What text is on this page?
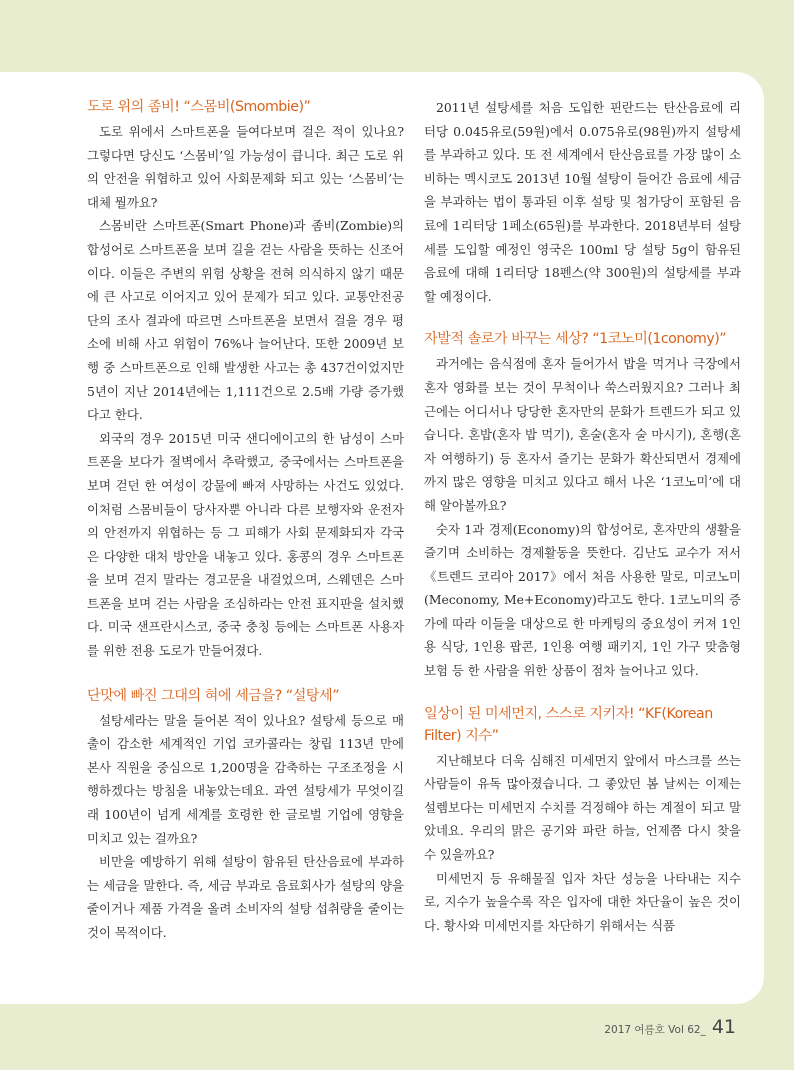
도로 위의 좀비! “스몸비(Smombie)”

도로 위에서 스마트폰을 들여다보며 걸은 적이 있나요? 그렇다면 당신도 ‘스몸비’일 가능성이 큽니다. 최근 도로 위의 안전을 위협하고 있어 사회문제화 되고 있는 ‘스몸비’는 대체 뭘까요?

스몸비란 스마트폰(Smart Phone)과 좀비(Zombie)의 합성어로 스마트폰을 보며 길을 걷는 사람을 뜻하는 신조어이다. 이들은 주변의 위험 상황을 전혀 의식하지 않기 때문에 큰 사고로 이어지고 있어 문제가 되고 있다. 교통안전공단의 조사 결과에 따르면 스마트폰을 보면서 걸을 경우 평소에 비해 사고 위험이 76%나 늘어난다. 또한 2009년 보행 중 스마트폰으로 인해 발생한 사고는 총 437건이었지만 5년이 지난 2014년에는 1,111건으로 2.5배 가량 증가했다고 한다.

외국의 경우 2015년 미국 샌디에이고의 한 남성이 스마트폰을 보다가 절벽에서 추락했고, 중국에서는 스마트폰을 보며 걷던 한 여성이 강물에 빠져 사망하는 사건도 있었다. 이처럼 스몸비들이 당사자뿐 아니라 다른 보행자와 운전자의 안전까지 위협하는 등 그 피해가 사회 문제화되자 각국은 다양한 대처 방안을 내놓고 있다. 홍콩의 경우 스마트폰을 보며 걷지 말라는 경고문을 내걸었으며, 스웨덴은 스마트폰을 보며 걷는 사람을 조심하라는 안전 표지판을 설치했다. 미국 샌프란시스코, 중국 충칭 등에는 스마트폰 사용자를 위한 전용 도로가 만들어졌다.

단맛에 빠진 그대의 혀에 세금을? “설탕세”

설탕세라는 말을 들어본 적이 있나요? 설탕세 등으로 매출이 감소한 세계적인 기업 코카콜라는 창립 113년 만에 본사 직원을 중심으로 1,200명을 감축하는 구조조정을 시행하겠다는 방침을 내놓았는데요. 과연 설탕세가 무엇이길래 100년이 넘게 세계를 호령한 한 글로벌 기업에 영향을 미치고 있는 걸까요?

비만을 예방하기 위해 설탕이 함유된 탄산음료에 부과하는 세금을 말한다. 즉, 세금 부과로 음료회사가 설탕의 양을 줄이거나 제품 가격을 올려 소비자의 설탕 섭취량을 줄이는 것이 목적이다.

2011년 설탕세를 처음 도입한 핀란드는 탄산음료에 리터당 0.045유로(59원)에서 0.075유로(98원)까지 설탕세를 부과하고 있다. 또 전 세계에서 탄산음료를 가장 많이 소비하는 멕시코도 2013년 10월 설탕이 들어간 음료에 세금을 부과하는 법이 통과된 이후 설탕 및 첨가당이 포함된 음료에 1리터당 1페소(65원)를 부과한다. 2018년부터 설탕세를 도입할 예정인 영국은 100ml 당 설탕 5g이 함유된 음료에 대해 1리터당 18펜스(약 300원)의 설탕세를 부과할 예정이다.

자발적 솔로가 바꾸는 세상? “1코노미(1conomy)”

과거에는 음식점에 혼자 들어가서 밥을 먹거나 극장에서 혼자 영화를 보는 것이 무척이나 쑥스러웠지요? 그러나 최근에는 어디서나 당당한 혼자만의 문화가 트렌드가 되고 있습니다. 혼밥(혼자 밥 먹기), 혼술(혼자 술 마시기), 혼행(혼자 여행하기) 등 혼자서 즐기는 문화가 확산되면서 경제에까지 많은 영향을 미치고 있다고 해서 나온 ‘1코노미’에 대해 알아볼까요?

숫자 1과 경제(Economy)의 합성어로, 혼자만의 생활을 즐기며 소비하는 경제활동을 뜻한다. 김난도 교수가 저서 《트렌드 코리아 2017》에서 처음 사용한 말로, 미코노미(Meconomy, Me+Economy)라고도 한다. 1코노미의 증가에 따라 이들을 대상으로 한 마케팅의 중요성이 커져 1인용 식당, 1인용 팝콘, 1인용 여행 패키지, 1인 가구 맞춤형 보험 등 한 사람을 위한 상품이 점차 늘어나고 있다.

일상이 된 미세먼지, 스스로 지키자! “KF(Korean Filter) 지수”

지난해보다 더욱 심해진 미세먼지 앞에서 마스크를 쓰는 사람들이 유독 많아졌습니다. 그 좋았던 봄 날씨는 이제는 설렘보다는 미세먼지 수치를 걱정해야 하는 계절이 되고 말았네요. 우리의 맑은 공기와 파란 하늘, 언제쯤 다시 찾을 수 있을까요?

미세먼지 등 유해물질 입자 차단 성능을 나타내는 지수로, 지수가 높을수록 작은 입자에 대한 차단율이 높은 것이다. 황사와 미세먼지를 차단하기 위해서는 식품

2017 여름호 Vol 62_ 41
